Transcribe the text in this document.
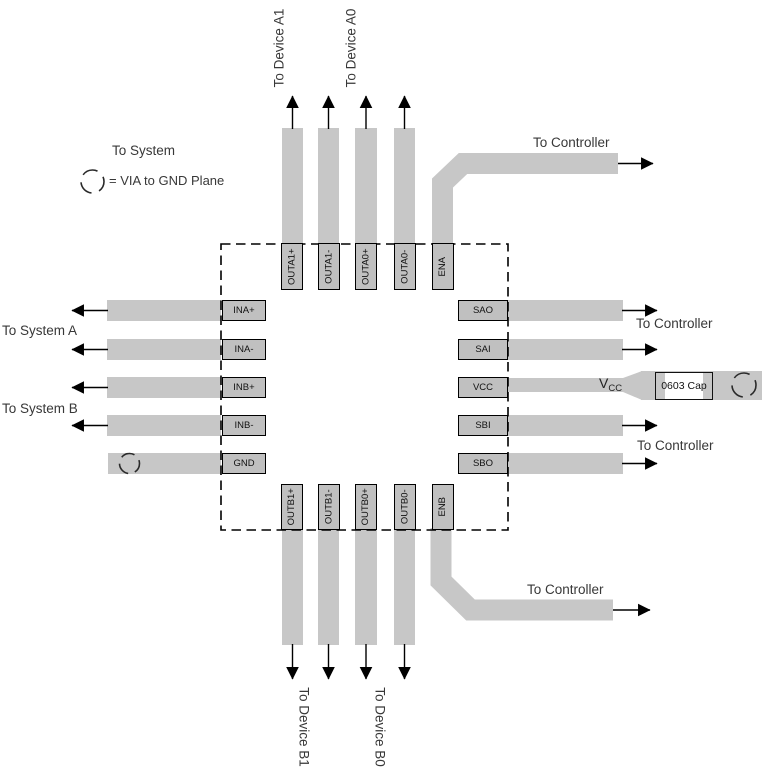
OUTA1+	OUTA1-	OUTA0+	OUTA0-	ENA
OUTB1+	OUTB1-	OUTB0+	OUTB0-	ENB
INA+
INA-
INB+
INB-
GND
SAO
SAI
VCC
SBI
SBO
To System
= VIA to GND Plane
To Device A1	To Device A0
To Device B1	To Device B0
To System A
To System B
To Controller
To Controller
To Controller
To Controller
$V_{CC}$	0603 Cap
